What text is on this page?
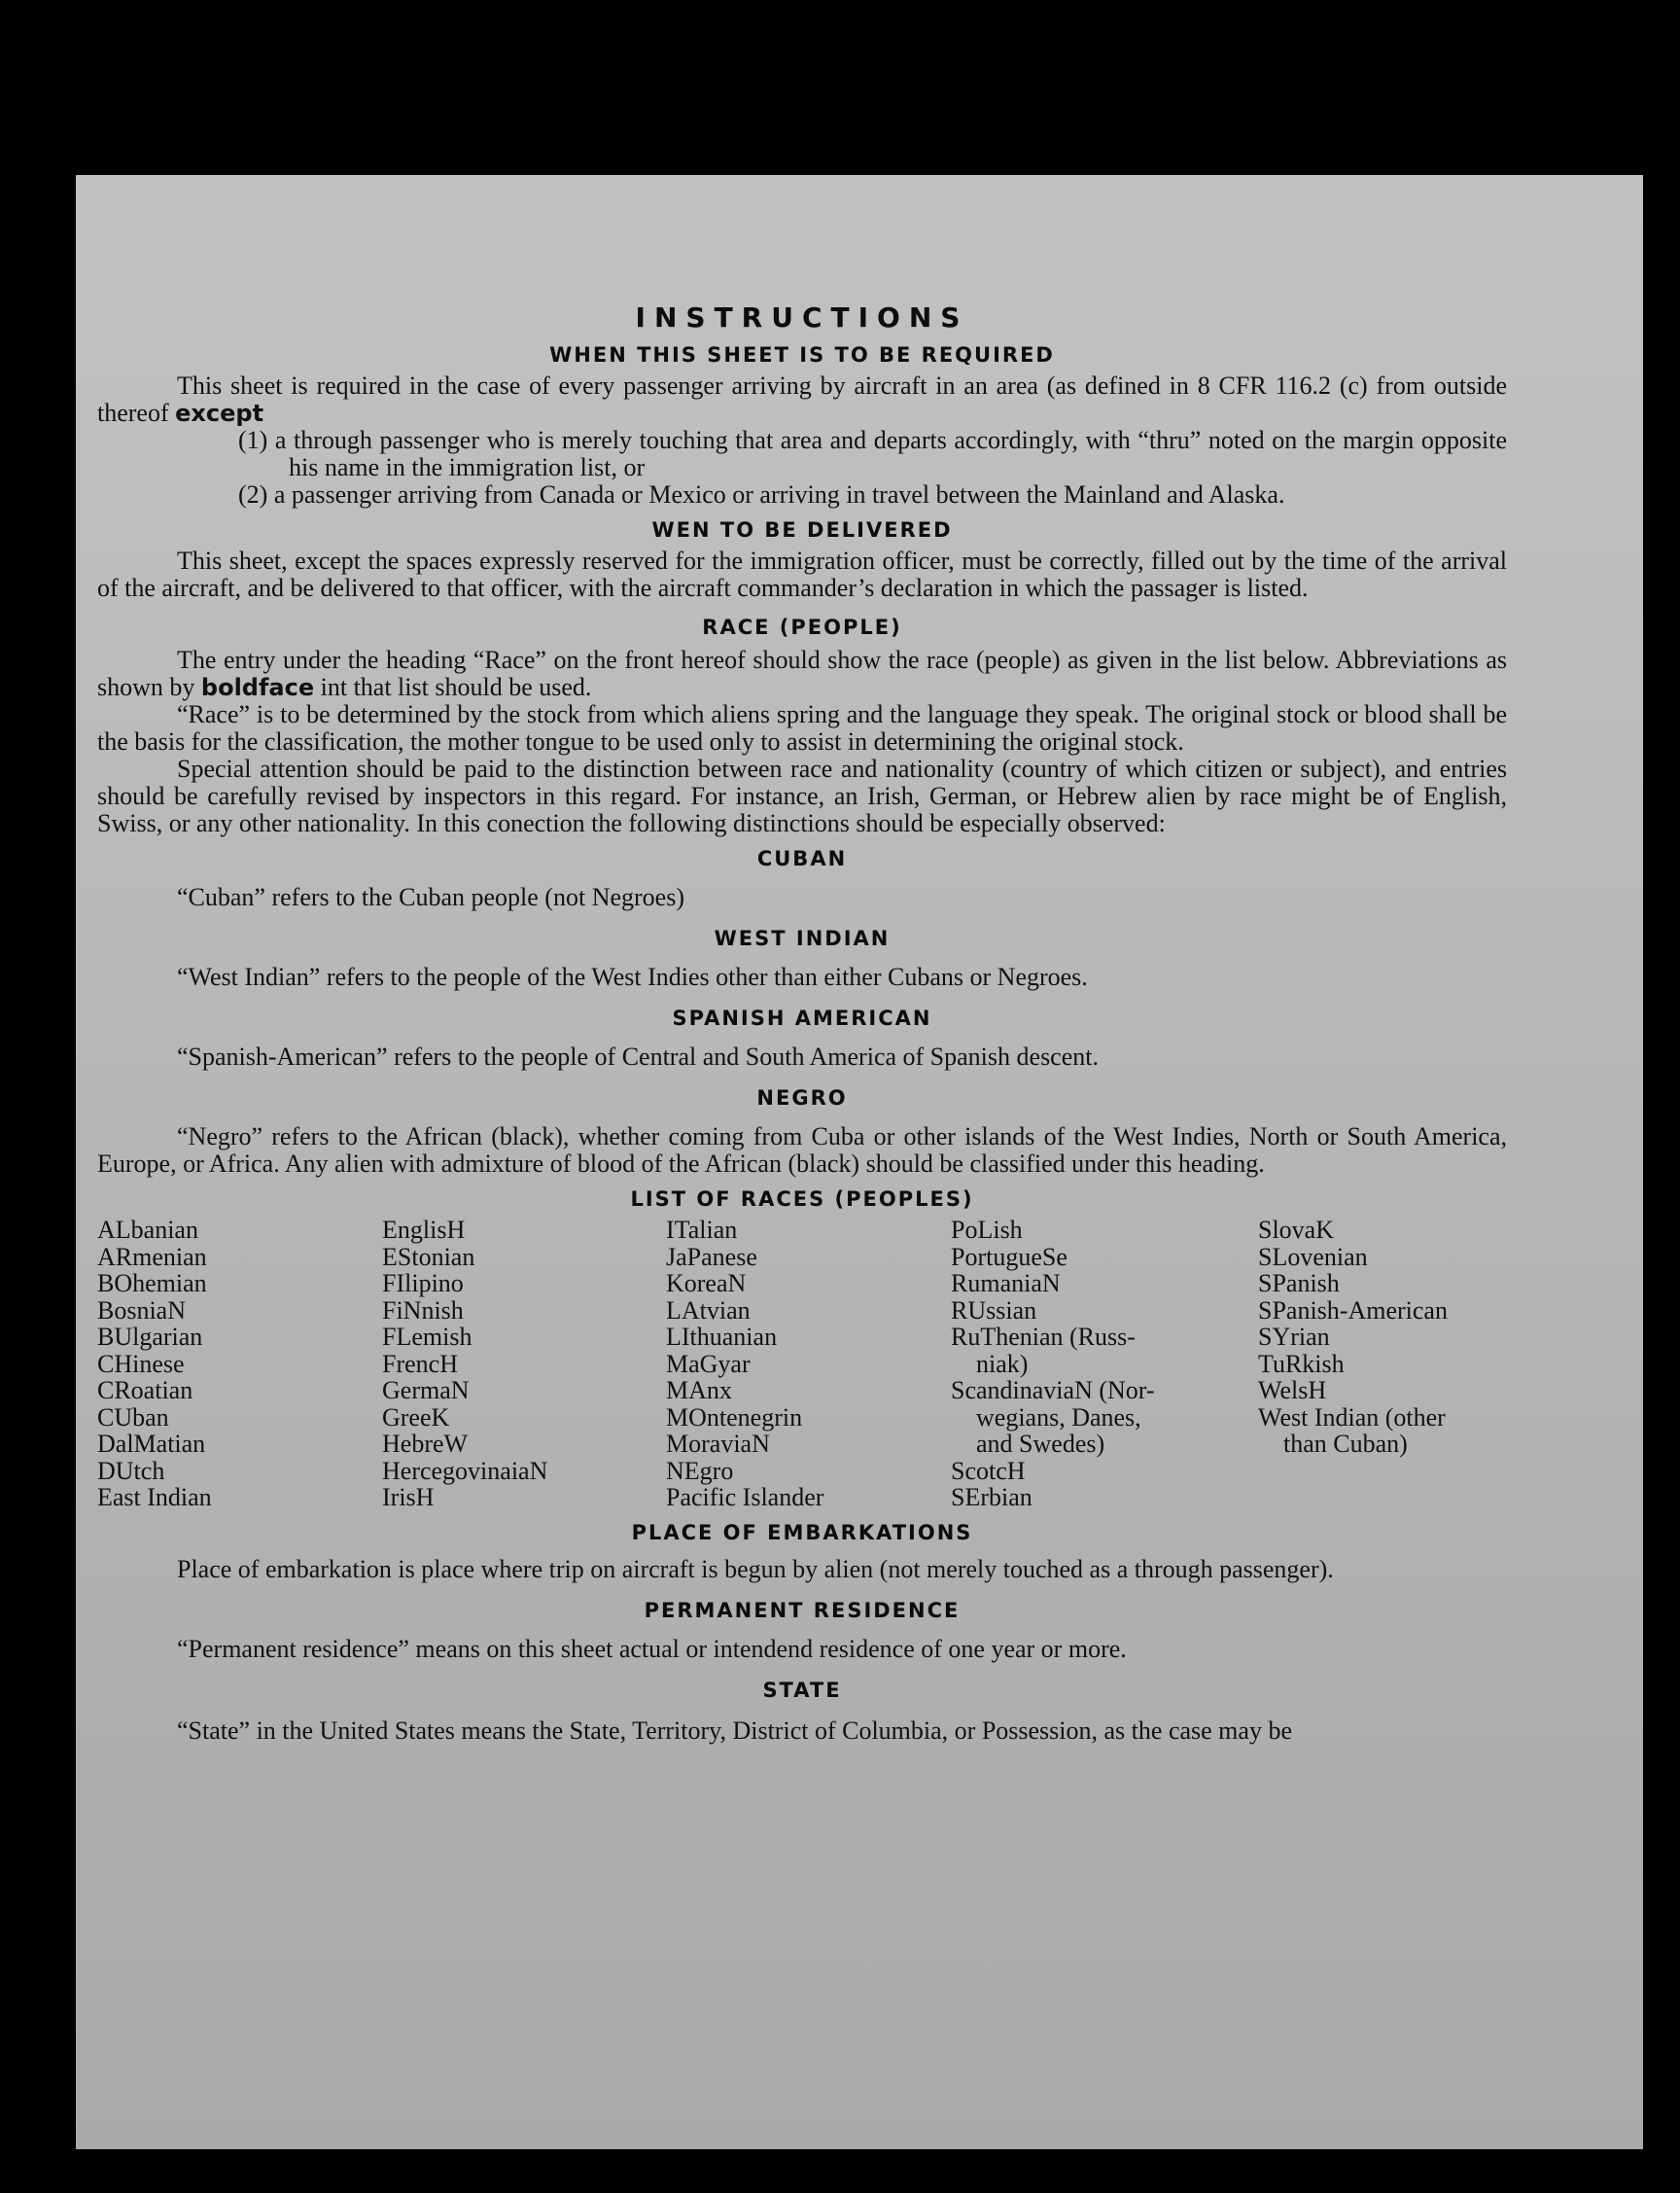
INSTRUCTIONS
WHEN THIS SHEET IS TO BE REQUIRED

This sheet is required in the case of every passenger arriving by aircraft in an area (as defined in 8 CFR 116.2 (c) from outside thereof except

(1) a through passenger who is merely touching that area and departs accordingly, with “thru” noted on the margin opposite his name in the immigration list, or

(2) a passenger arriving from Canada or Mexico or arriving in travel between the Mainland and Alaska.

WEN TO BE DELIVERED

This sheet, except the spaces expressly reserved for the immigration officer, must be correctly, filled out by the time of the arrival of the aircraft, and be delivered to that officer, with the aircraft commander’s declaration in which the passager is listed.

RACE (PEOPLE)

The entry under the heading “Race” on the front hereof should show the race (people) as given in the list below. Abbreviations as shown by boldface int that list should be used.

“Race” is to be determined by the stock from which aliens spring and the language they speak. The original stock or blood shall be the basis for the classification, the mother tongue to be used only to assist in determining the original stock.

Special attention should be paid to the distinction between race and nationality (country of which citizen or subject), and entries should be carefully revised by inspectors in this regard. For instance, an Irish, German, or Hebrew alien by race might be of English, Swiss, or any other nationality. In this conection the following distinctions should be especially observed:

CUBAN

“Cuban” refers to the Cuban people (not Negroes)

WEST INDIAN

“West Indian” refers to the people of the West Indies other than either Cubans or Negroes.

SPANISH AMERICAN

“Spanish-American” refers to the people of Central and South America of Spanish descent.

NEGRO

“Negro” refers to the African (black), whether coming from Cuba or other islands of the West Indies, North or South America, Europe, or Africa. Any alien with admixture of blood of the African (black) should be classified under this heading.

LIST OF RACES (PEOPLES)
ALbanian
ARmenian
BOhemian
BosniaN
BUlgarian
CHinese
CRoatian
CUban
DalMatian
DUtch
East Indian
EnglisH
EStonian
FIlipino
FiNnish
FLemish
FrencH
GermaN
GreeK
HebreW
HercegovinaiaN
IrisH
ITalian
JaPanese
KoreaN
LAtvian
LIthuanian
MaGyar
MAnx
MOntenegrin
MoraviaN
NEgro
Pacific Islander
PoLish
PortugueSe
RumaniaN
RUssian
RuThenian (Russ-
niak)
ScandinaviaN (Nor-
wegians, Danes,
and Swedes)
ScotcH
SErbian
SlovaK
SLovenian
SPanish
SPanish-American
SYrian
TuRkish
WelsH
West Indian (other
than Cuban)
PLACE OF EMBARKATIONS

Place of embarkation is place where trip on aircraft is begun by alien (not merely touched as a through passenger).

PERMANENT RESIDENCE

“Permanent residence” means on this sheet actual or intendend residence of one year or more.

STATE

“State” in the United States means the State, Territory, District of Columbia, or Possession, as the case may be
